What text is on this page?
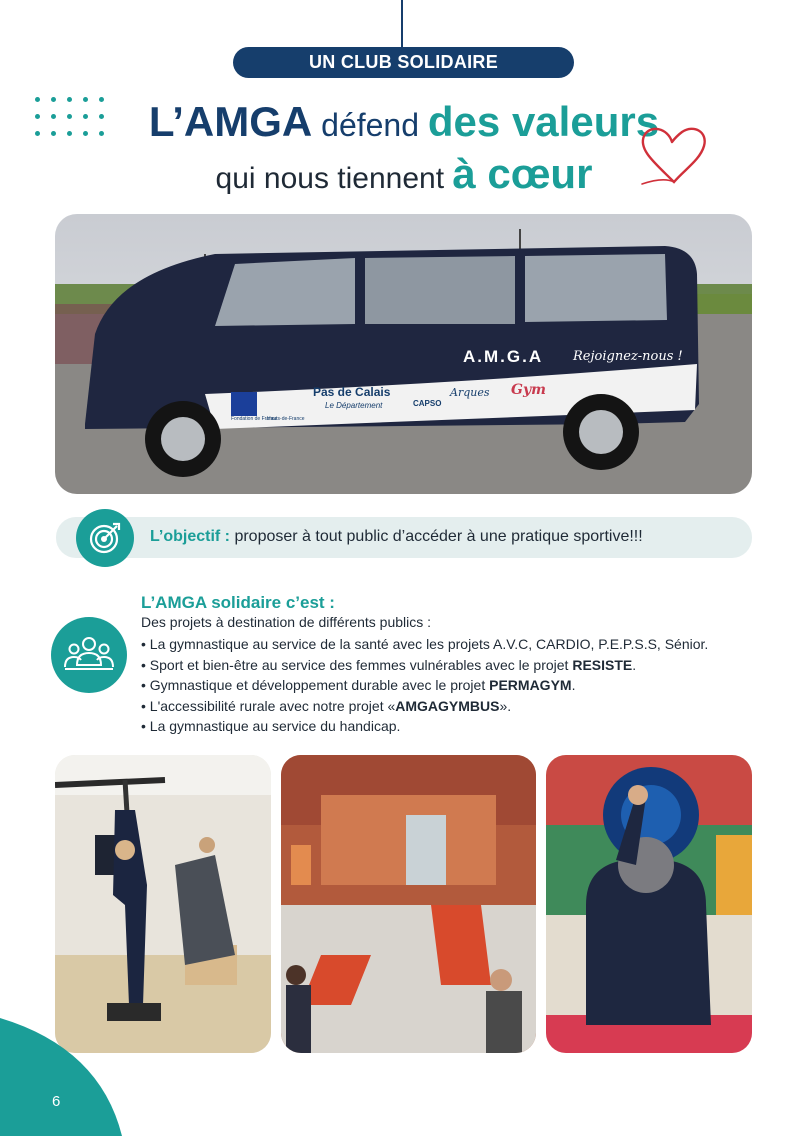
UN CLUB SOLIDAIRE
L’AMGA défend des valeurs
qui nous tiennent à cœur
A.M.G.A Rejoignez-nous !
Pas de Calais
Le Département	CAPSO
Arques Gym
Fondation de France
Hauts-de-France
L’objectif : proposer à tout public d’accéder à une pratique sportive!!!
L’AMGA solidaire c’est :
Des projets à destination de différents publics :
• La gymnastique au service de la santé avec les projets A.V.C, CARDIO, P.E.P.S.S, Sénior.
• Sport et bien-être au service des femmes vulnérables avec le projet RESISTE.
• Gymnastique et développement durable avec le projet PERMAGYM.
• L'accessibilité rurale avec notre projet «AMGAGYMBUS».
• La gymnastique au service du handicap.
6
